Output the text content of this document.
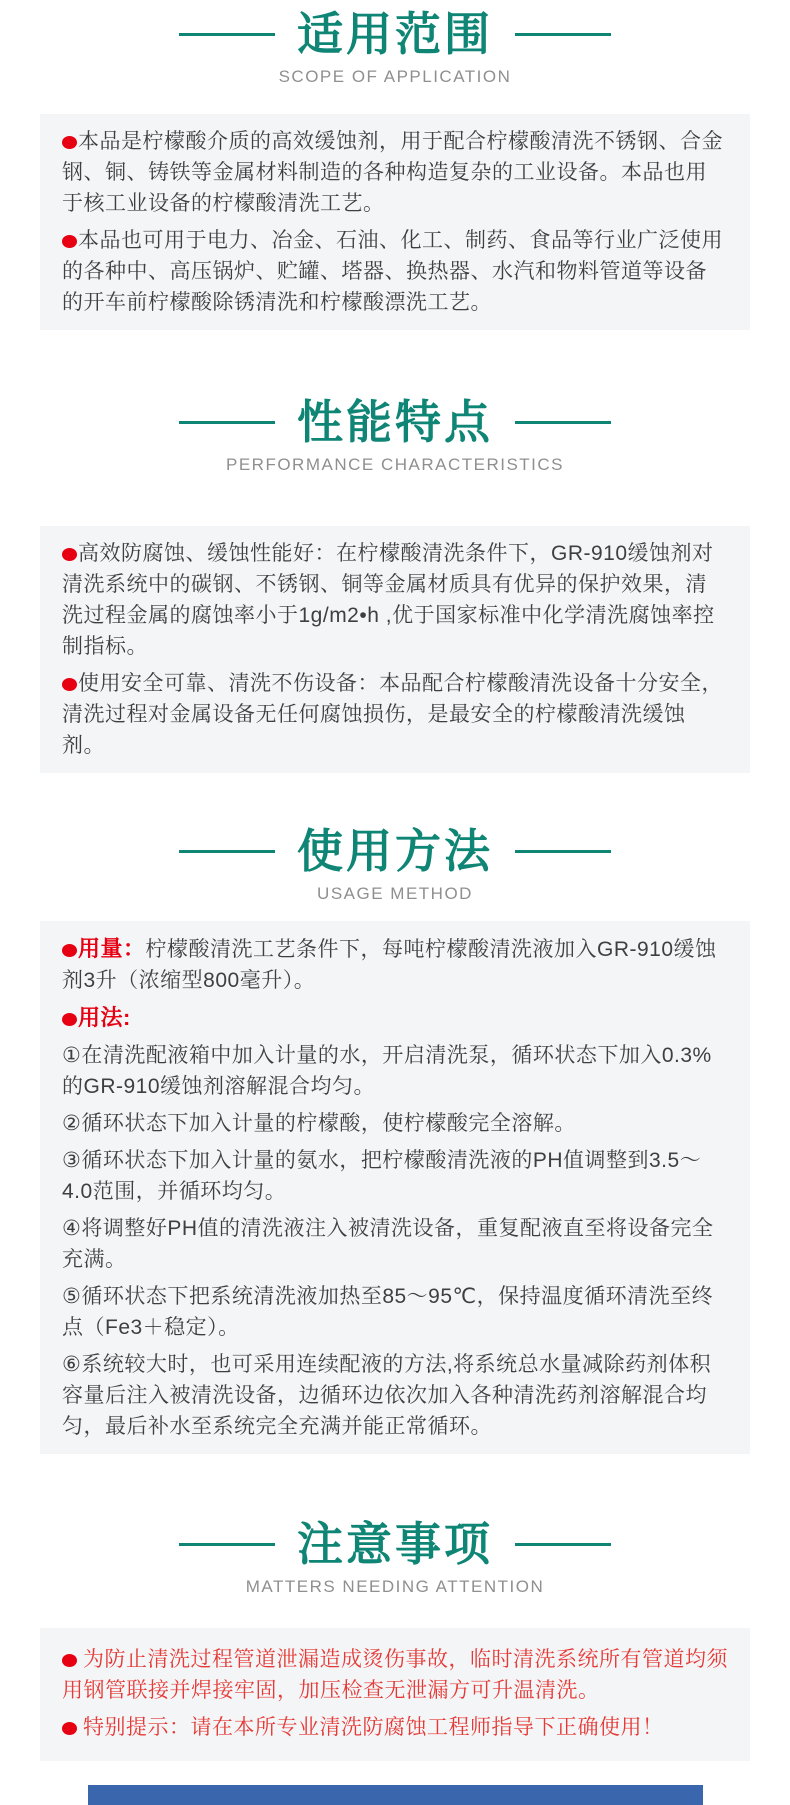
适用范围
SCOPE OF APPLICATION

本品是柠檬酸介质的高效缓蚀剂，用于配合柠檬酸清洗不锈钢、合金钢、铜、铸铁等金属材料制造的各种构造复杂的工业设备。本品也用于核工业设备的柠檬酸清洗工艺。

本品也可用于电力、冶金、石油、化工、制药、食品等行业广泛使用的各种中、高压锅炉、贮罐、塔器、换热器、水汽和物料管道等设备的开车前柠檬酸除锈清洗和柠檬酸漂洗工艺。

性能特点
PERFORMANCE CHARACTERISTICS

高效防腐蚀、缓蚀性能好：在柠檬酸清洗条件下，GR-910缓蚀剂对清洗系统中的碳钢、不锈钢、铜等金属材质具有优异的保护效果，清洗过程金属的腐蚀率小于1g/m2•h ,优于国家标准中化学清洗腐蚀率控制指标。

使用安全可靠、清洗不伤设备：本品配合柠檬酸清洗设备十分安全，清洗过程对金属设备无任何腐蚀损伤，是最安全的柠檬酸清洗缓蚀剂。

使用方法
USAGE METHOD

用量：柠檬酸清洗工艺条件下，每吨柠檬酸清洗液加入GR-910缓蚀剂3升（浓缩型800毫升）。

用法:

①在清洗配液箱中加入计量的水，开启清洗泵，循环状态下加入0.3%的GR-910缓蚀剂溶解混合均匀。

②循环状态下加入计量的柠檬酸，使柠檬酸完全溶解。

③循环状态下加入计量的氨水，把柠檬酸清洗液的PH值调整到3.5～4.0范围，并循环均匀。

④将调整好PH值的清洗液注入被清洗设备，重复配液直至将设备完全充满。

⑤循环状态下把系统清洗液加热至85～95℃，保持温度循环清洗至终点（Fe3＋稳定）。

⑥系统较大时，也可采用连续配液的方法,将系统总水量减除药剂体积容量后注入被清洗设备，边循环边依次加入各种清洗药剂溶解混合均匀，最后补水至系统完全充满并能正常循环。

注意事项
MATTERS NEEDING ATTENTION

为防止清洗过程管道泄漏造成烫伤事故，临时清洗系统所有管道均须用钢管联接并焊接牢固，加压检查无泄漏方可升温清洗。

特别提示：请在本所专业清洗防腐蚀工程师指导下正确使用！
